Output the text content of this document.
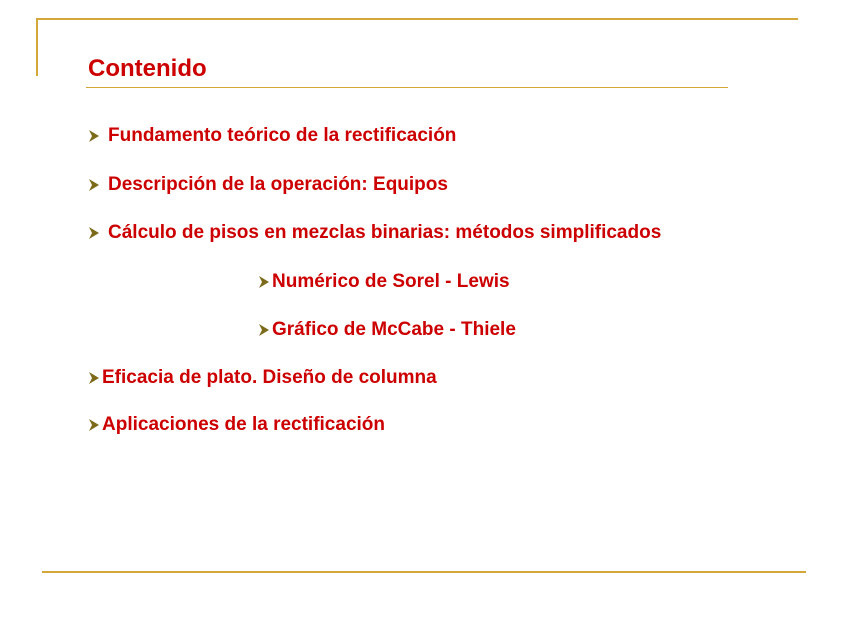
Contenido
Fundamento teórico de la rectificación
Descripción de la operación: Equipos
Cálculo de pisos en mezclas binarias: métodos simplificados
Numérico de Sorel - Lewis
Gráfico de McCabe - Thiele
Eficacia de plato. Diseño de columna
Aplicaciones de la rectificación
